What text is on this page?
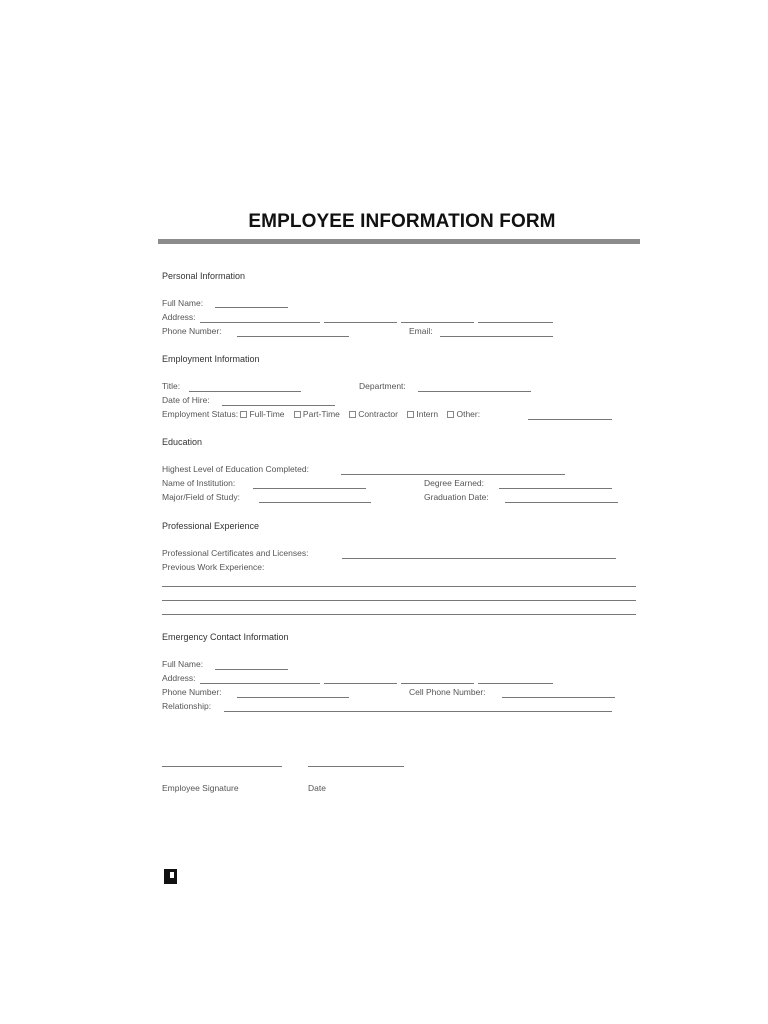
EMPLOYEE INFORMATION FORM
Personal Information
Full Name:
Address:
Phone Number:	Email:
Employment Information
Title:	Department:
Date of Hire:
Employment Status: Full-Time Part-Time Contractor Intern Other:
Education
Highest Level of Education Completed:
Name of Institution:	Degree Earned:
Major/Field of Study:	Graduation Date:
Professional Experience
Professional Certificates and Licenses:
Previous Work Experience:
Emergency Contact Information
Full Name:
Address:
Phone Number:	Cell Phone Number:
Relationship:
Employee Signature	Date
